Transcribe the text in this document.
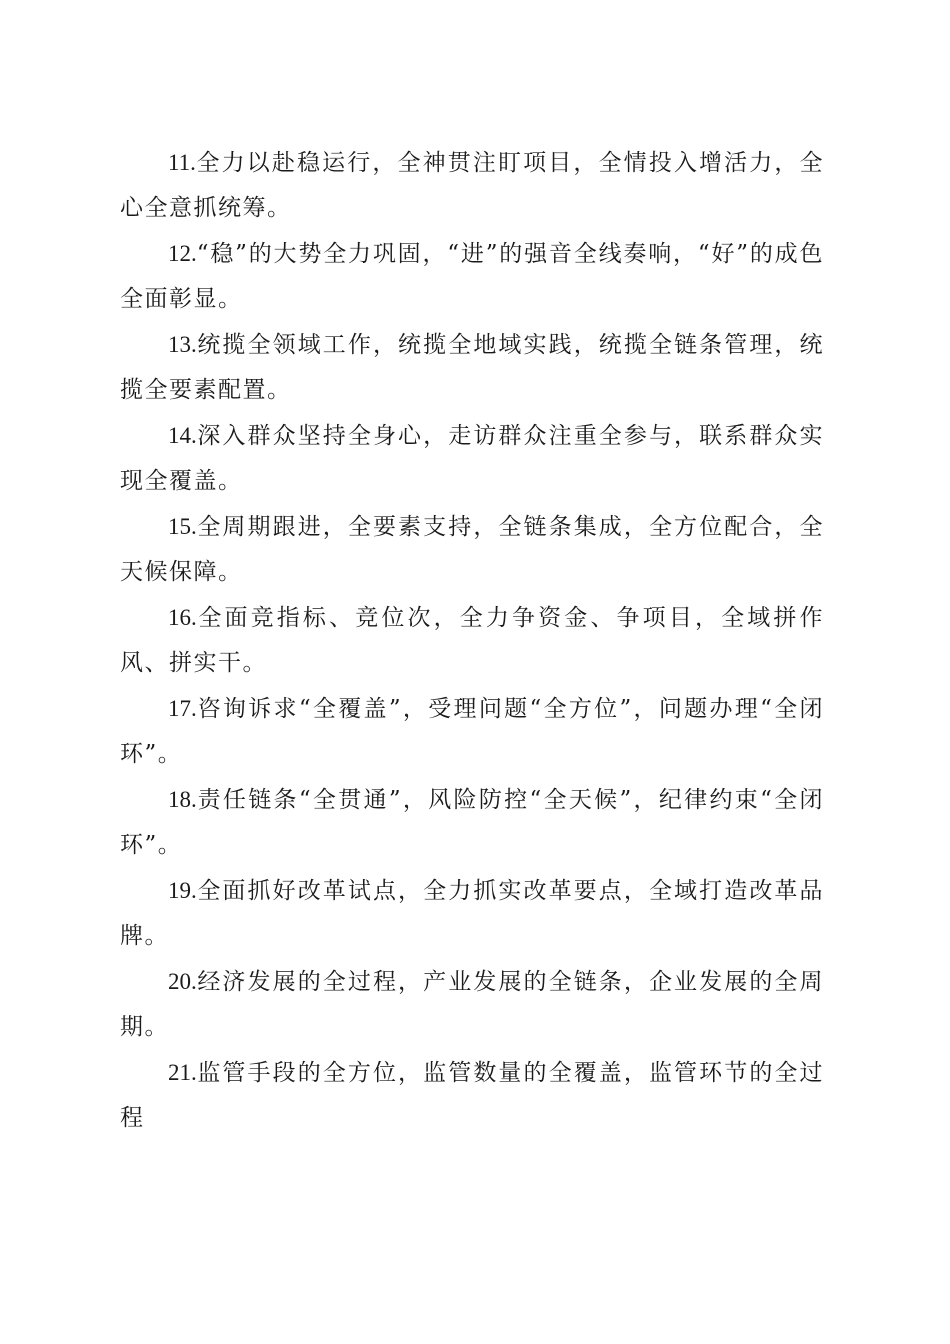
11.全力以赴稳运行，全神贯注盯项目，全情投入增活力，全心全意抓统筹。

12.“稳”的大势全力巩固，“进”的强音全线奏响，“好”的成色全面彰显。

13.统揽全领域工作，统揽全地域实践，统揽全链条管理，统揽全要素配置。

14.深入群众坚持全身心，走访群众注重全参与，联系群众实现全覆盖。

15.全周期跟进，全要素支持，全链条集成，全方位配合，全天候保障。

16.全面竞指标、竞位次，全力争资金、争项目，全域拼作风、拼实干。

17.咨询诉求“全覆盖”，受理问题“全方位”，问题办理“全闭环”。

18.责任链条“全贯通”，风险防控“全天候”，纪律约束“全闭环”。

19.全面抓好改革试点，全力抓实改革要点，全域打造改革品牌。

20.经济发展的全过程，产业发展的全链条，企业发展的全周期。

21.监管手段的全方位，监管数量的全覆盖，监管环节的全过程
